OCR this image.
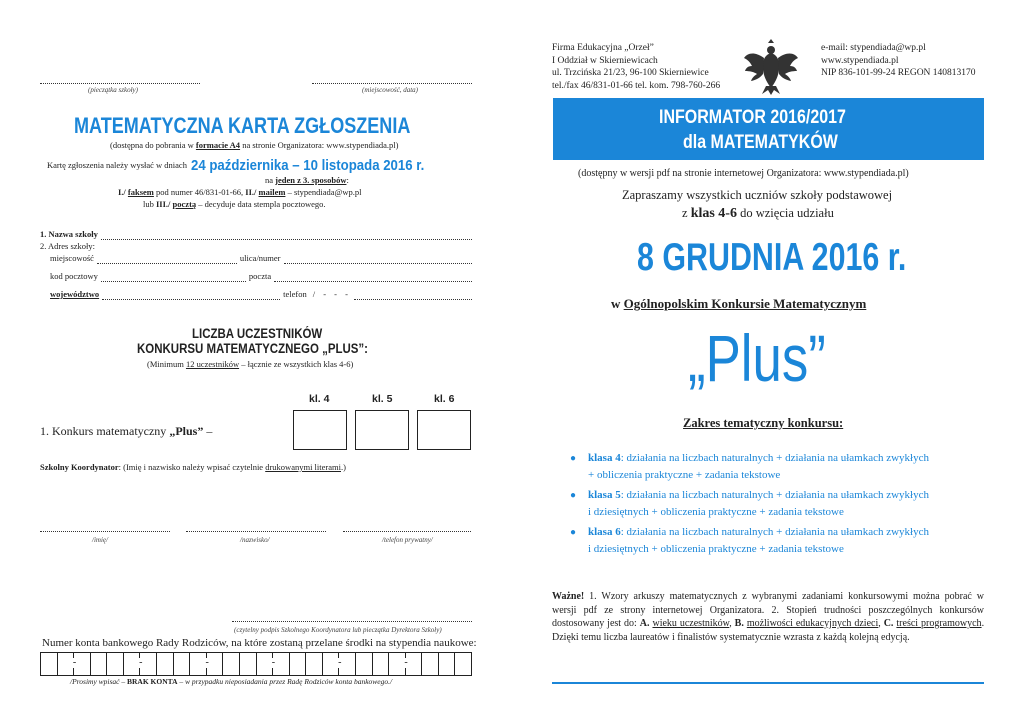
(pieczątka szkoły)	(miejscowość, data)
MATEMATYCZNA KARTA ZGŁOSZENIA
(dostępna do pobrania w formacie A4 na stronie Organizatora: www.stypendiada.pl)
Kartę zgłoszenia należy wysłać w dniach 24 października – 10 listopada 2016 r.
na jeden z 3. sposobów:
I./ faksem pod numer 46/831-01-66, II./ mailem – stypendiada@wp.pl
lub III./ pocztą – decyduje data stempla pocztowego.
1. Nazwa szkoły
2. Adres szkoły:
miejscowość	ulica/numer
kod pocztowy	poczta
województwo	telefon / - - -
LICZBA UCZESTNIKÓW
KONKURSU MATEMATYCZNEGO „PLUS”:
(Minimum 12 uczestników – łącznie ze wszystkich klas 4-6)
kl. 4	kl. 5	kl. 6
1. Konkurs matematyczny „Plus” –
Szkolny Koordynator: (Imię i nazwisko należy wpisać czytelnie drukowanymi literami.)
/imię/	/nazwisko/	/telefon prywatny/
(czytelny podpis Szkolnego Koordynatora lub pieczątka Dyrektora Szkoły)
Numer konta bankowego Rady Rodziców, na które zostaną przelane środki na stypendia naukowe:
-	-	-	-	-	-
/Prosimy wpisać – BRAK KONTA – w przypadku nieposiadania przez Radę Rodziców konta bankowego./
Firma Edukacyjna „Orzeł”
I Oddział w Skierniewicach
ul. Trzcińska 21/23, 96-100 Skierniewice
tel./fax 46/831-01-66 tel. kom. 798-760-266
e-mail: stypendiada@wp.pl
www.stypendiada.pl
NIP 836-101-99-24 REGON 140813170
INFORMATOR 2016/2017
dla MATEMATYKÓW
(dostępny w wersji pdf na stronie internetowej Organizatora: www.stypendiada.pl)
Zapraszamy wszystkich uczniów szkoły podstawowej
z klas 4-6 do wzięcia udziału
8 GRUDNIA 2016 r.
w Ogólnopolskim Konkursie Matematycznym
„Plus”
Zakres tematyczny konkursu:
● klasa 4: działania na liczbach naturalnych + działania na ułamkach zwykłych
+ obliczenia praktyczne + zadania tekstowe
● klasa 5: działania na liczbach naturalnych + działania na ułamkach zwykłych
i dziesiętnych + obliczenia praktyczne + zadania tekstowe
● klasa 6: działania na liczbach naturalnych + działania na ułamkach zwykłych
i dziesiętnych + obliczenia praktyczne + zadania tekstowe
Ważne! 1. Wzory arkuszy matematycznych z wybranymi zadaniami konkursowymi można pobrać w wersji pdf ze strony internetowej Organizatora. 2. Stopień trudności poszczególnych konkursów dostosowany jest do: A. wieku uczestników, B. możliwości edukacyjnych dzieci, C. treści programowych. Dzięki temu liczba laureatów i finalistów systematycznie wzrasta z każdą kolejną edycją.
